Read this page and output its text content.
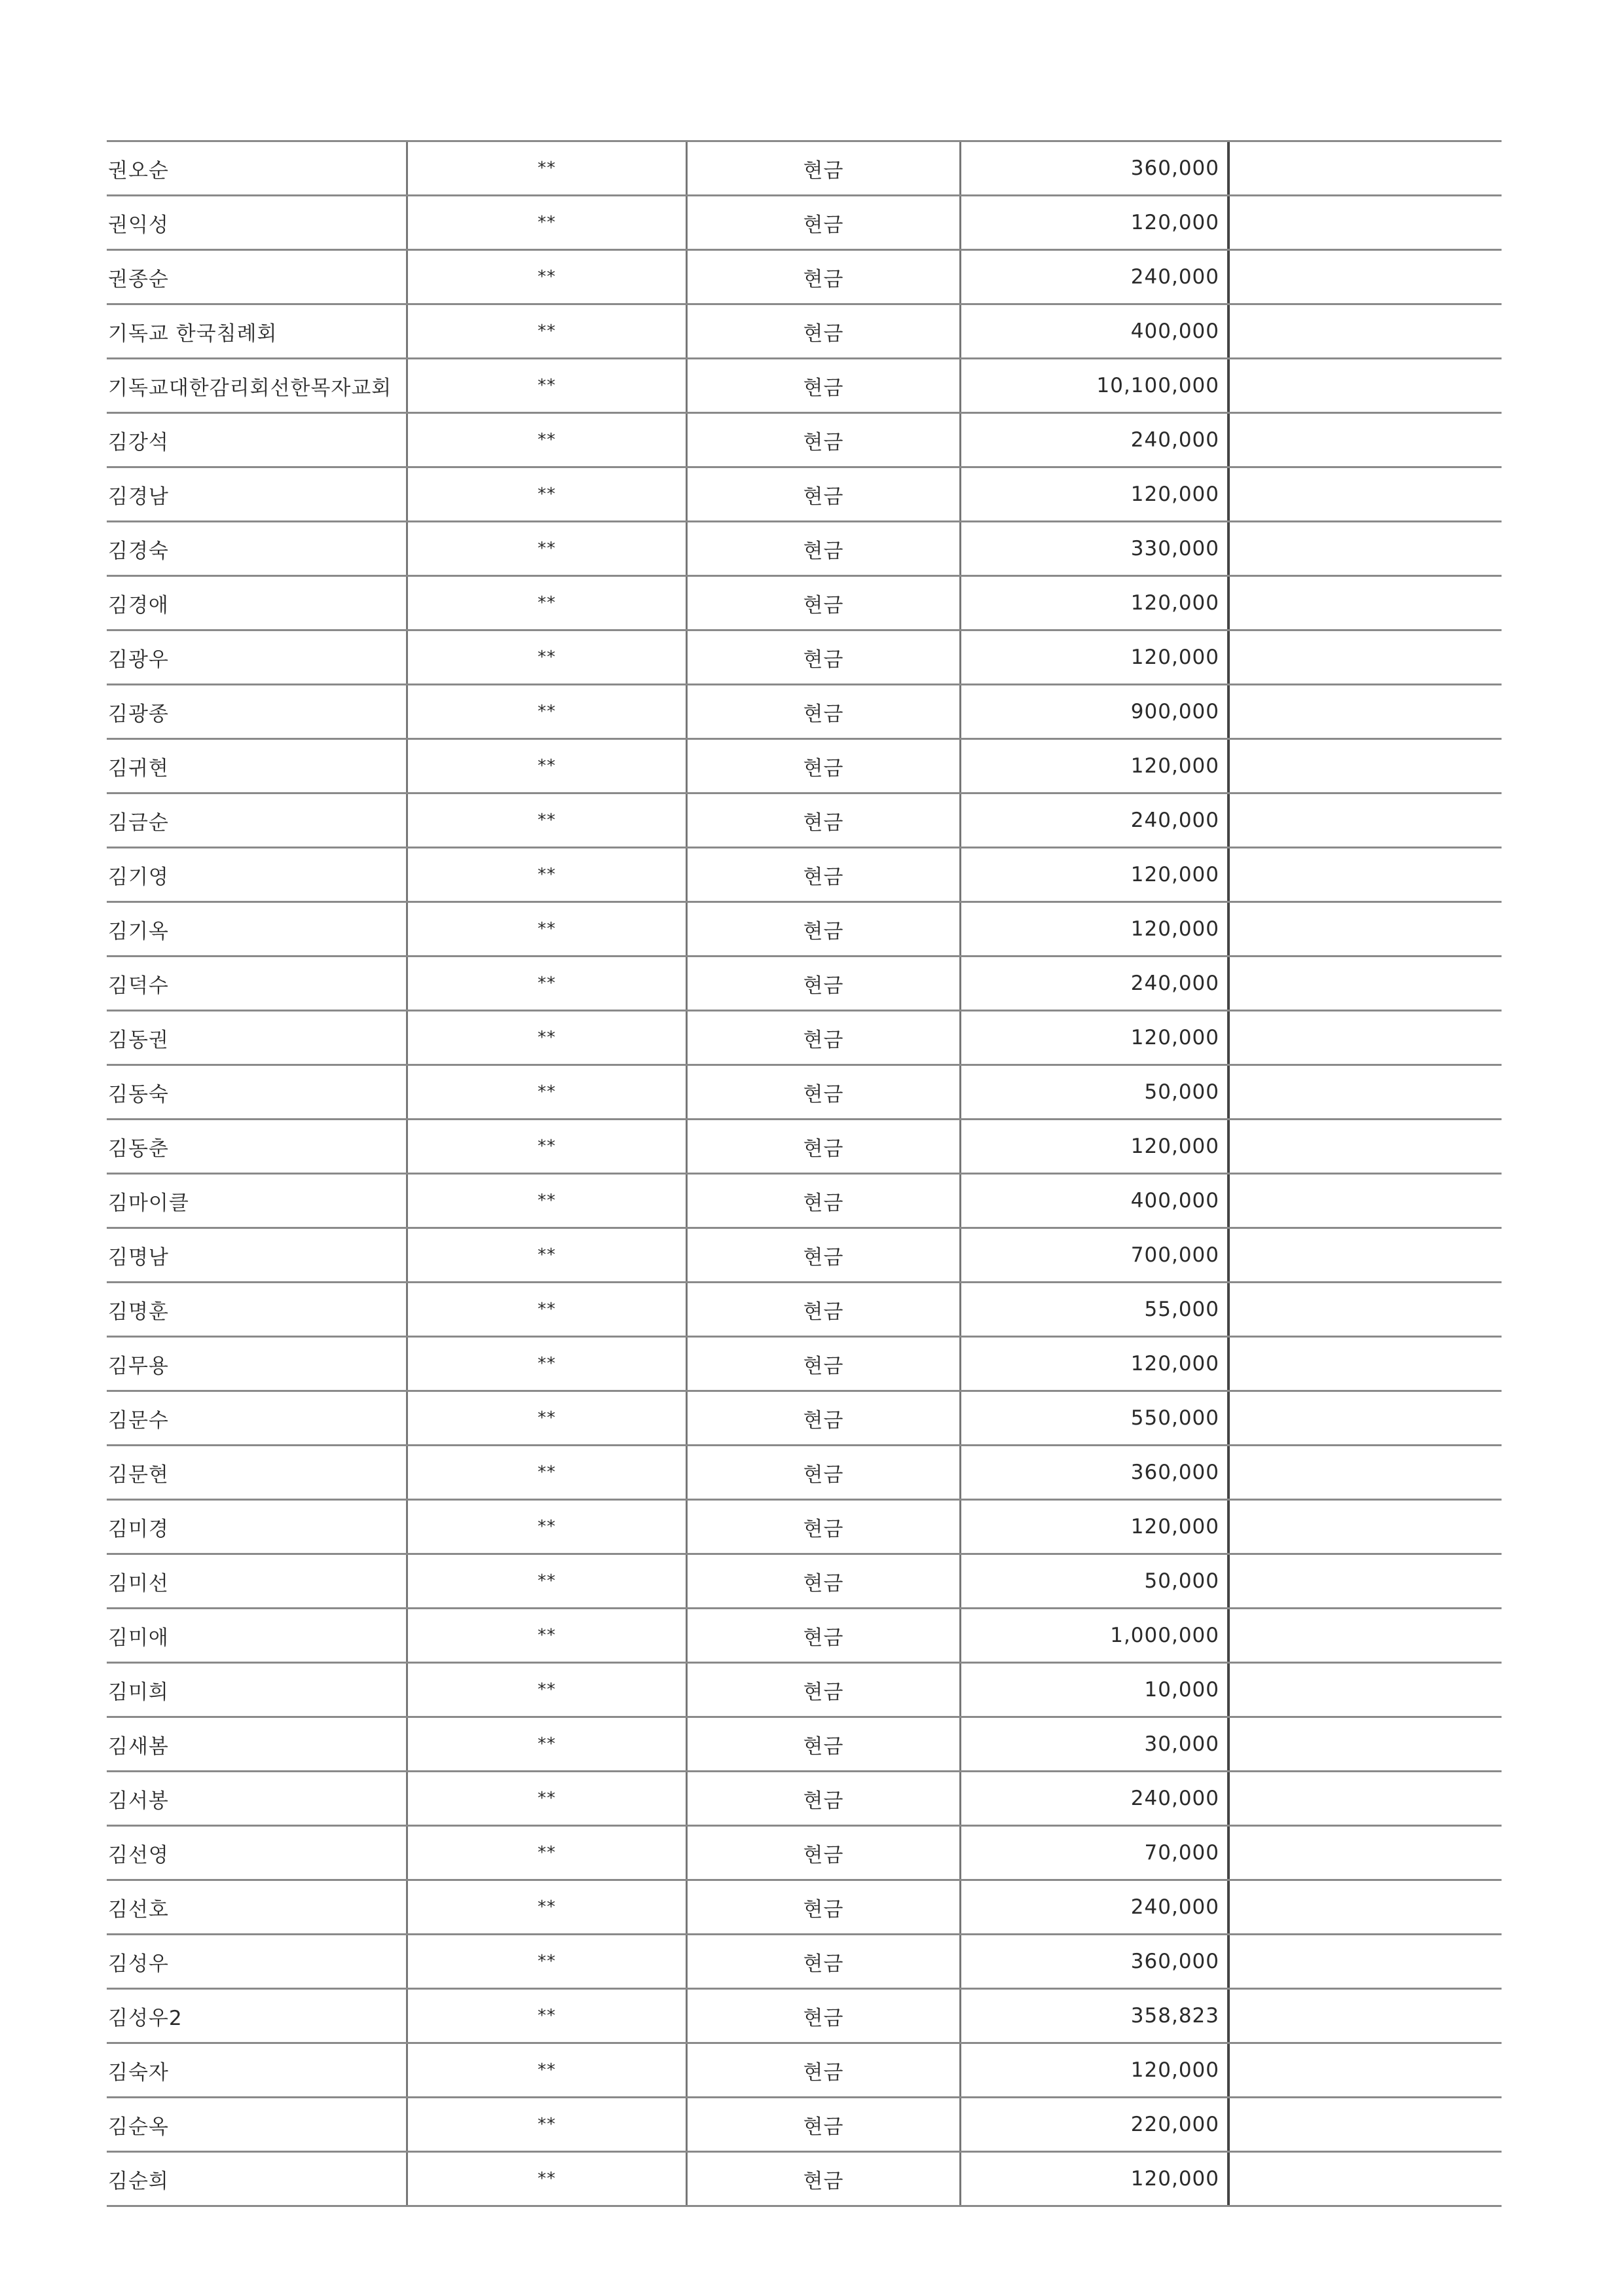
권오순	**	현금	360,000
권익성	**	현금	120,000
권종순	**	현금	240,000
기독교 한국침례회	**	현금	400,000
기독교대한감리회선한목자교회	**	현금	10,100,000
김강석	**	현금	240,000
김경남	**	현금	120,000
김경숙	**	현금	330,000
김경애	**	현금	120,000
김광우	**	현금	120,000
김광종	**	현금	900,000
김귀현	**	현금	120,000
김금순	**	현금	240,000
김기영	**	현금	120,000
김기옥	**	현금	120,000
김덕수	**	현금	240,000
김동권	**	현금	120,000
김동숙	**	현금	50,000
김동춘	**	현금	120,000
김마이클	**	현금	400,000
김명남	**	현금	700,000
김명훈	**	현금	55,000
김무용	**	현금	120,000
김문수	**	현금	550,000
김문현	**	현금	360,000
김미경	**	현금	120,000
김미선	**	현금	50,000
김미애	**	현금	1,000,000
김미희	**	현금	10,000
김새봄	**	현금	30,000
김서봉	**	현금	240,000
김선영	**	현금	70,000
김선호	**	현금	240,000
김성우	**	현금	360,000
김성우2	**	현금	358,823
김숙자	**	현금	120,000
김순옥	**	현금	220,000
김순희	**	현금	120,000
